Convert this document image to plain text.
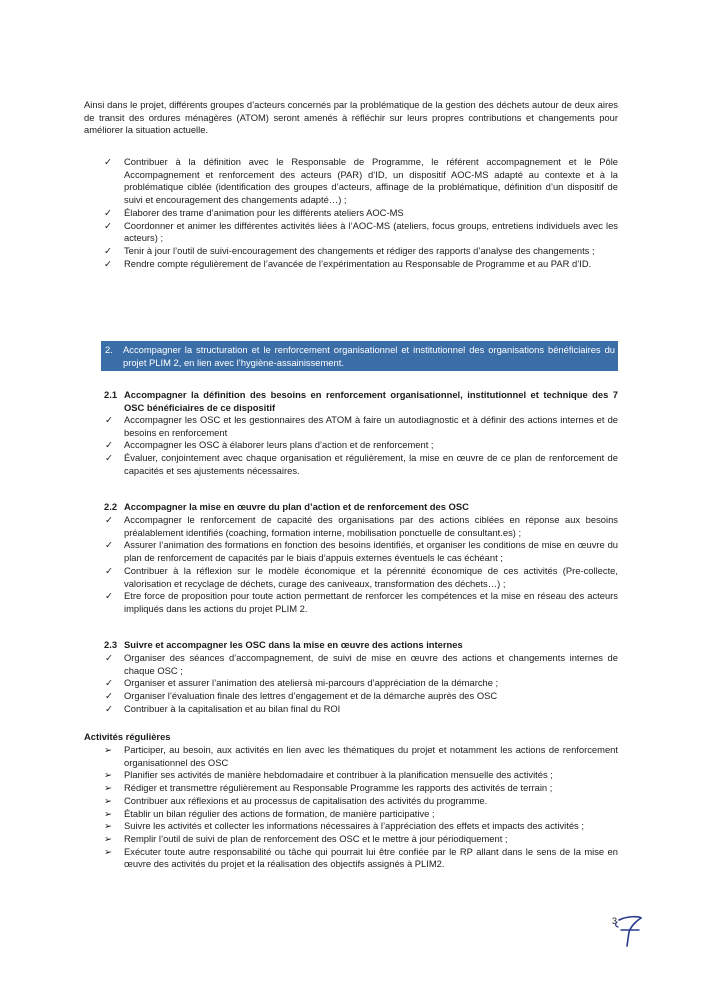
Ainsi dans le projet, différents groupes d’acteurs concernés par la problématique de la gestion des déchets autour de deux aires de transit des ordures ménagères (ATOM) seront amenés à réfléchir sur leurs propres contributions et changements pour améliorer la situation actuelle.

✓	Contribuer à la définition avec le Responsable de Programme, le référent accompagnement et le Pôle Accompagnement et renforcement des acteurs (PAR) d’ID, un dispositif AOC-MS adapté au contexte et à la problématique ciblée (identification des groupes d’acteurs, affinage de la problématique, définition d’un dispositif de suivi et encouragement des changements adapté…) ;
✓	Élaborer des trame d’animation pour les différents ateliers AOC-MS
✓	Coordonner et animer les différentes activités liées à l’AOC-MS (ateliers, focus groups, entretiens individuels avec les acteurs) ;
✓	Tenir à jour l’outil de suivi-encouragement des changements et rédiger des rapports d’analyse des changements ;
✓	Rendre compte régulièrement de l’avancée de l’expérimentation au Responsable de Programme et au PAR d’ID.
2. Accompagner la structuration et le renforcement organisationnel et institutionnel des organisations bénéficiaires du projet PLIM 2, en lien avec l’hygiène-assainissement.
2.1 Accompagner la définition des besoins en renforcement organisationnel, institutionnel et technique des 7 OSC bénéficiaires de ce dispositif
✓	Accompagner les OSC et les gestionnaires des ATOM à faire un autodiagnostic et à définir des actions internes et de besoins en renforcement
✓	Accompagner les OSC à élaborer leurs plans d’action et de renforcement ;
✓	Évaluer, conjointement avec chaque organisation et régulièrement, la mise en œuvre de ce plan de renforcement de capacités et ses ajustements nécessaires.
2.2 Accompagner la mise en œuvre du plan d’action et de renforcement des OSC
✓	Accompagner le renforcement de capacité des organisations par des actions ciblées en réponse aux besoins préalablement identifiés (coaching, formation interne, mobilisation ponctuelle de consultant.es) ;
✓	Assurer l’animation des formations en fonction des besoins identifiés, et organiser les conditions de mise en œuvre du plan de renforcement de capacités par le biais d’appuis externes éventuels le cas échéant ;
✓	Contribuer à la réflexion sur le modèle économique et la pérennité économique de ces activités (Pre-collecte, valorisation et recyclage de déchets, curage des caniveaux, transformation des déchets…) ;
✓	Etre force de proposition pour toute action permettant de renforcer les compétences et la mise en réseau des acteurs impliqués dans les actions du projet PLIM 2.
2.3 Suivre et accompagner les OSC dans la mise en œuvre des actions internes
✓	Organiser des séances d’accompagnement, de suivi de mise en œuvre des actions et changements internes de chaque OSC ;
✓	Organiser et assurer l’animation des ateliersà mi-parcours d’appréciation de la démarche ;
✓	Organiser l’évaluation finale des lettres d’engagement et de la démarche auprès des OSC
✓	Contribuer à la capitalisation et au bilan final du ROI
Activités régulières
➢	Participer, au besoin, aux activités en lien avec les thématiques du projet et notamment les actions de renforcement organisationnel des OSC
➢	Planifier ses activités de manière hebdomadaire et contribuer à la planification mensuelle des activités ;
➢	Rédiger et transmettre régulièrement au Responsable Programme les rapports des activités de terrain ;
➢	Contribuer aux réflexions et au processus de capitalisation des activités du programme.
➢	Établir un bilan régulier des actions de formation, de manière participative ;
➢	Suivre les activités et collecter les informations nécessaires à l’appréciation des effets et impacts des activités ;
➢	Remplir l’outil de suivi de plan de renforcement des OSC et le mettre à jour périodiquement ;
➢	Exécuter toute autre responsabilité ou tâche qui pourrait lui être confiée par le RP allant dans le sens de la mise en œuvre des activités du projet et la réalisation des objectifs assignés à PLIM2.
3
